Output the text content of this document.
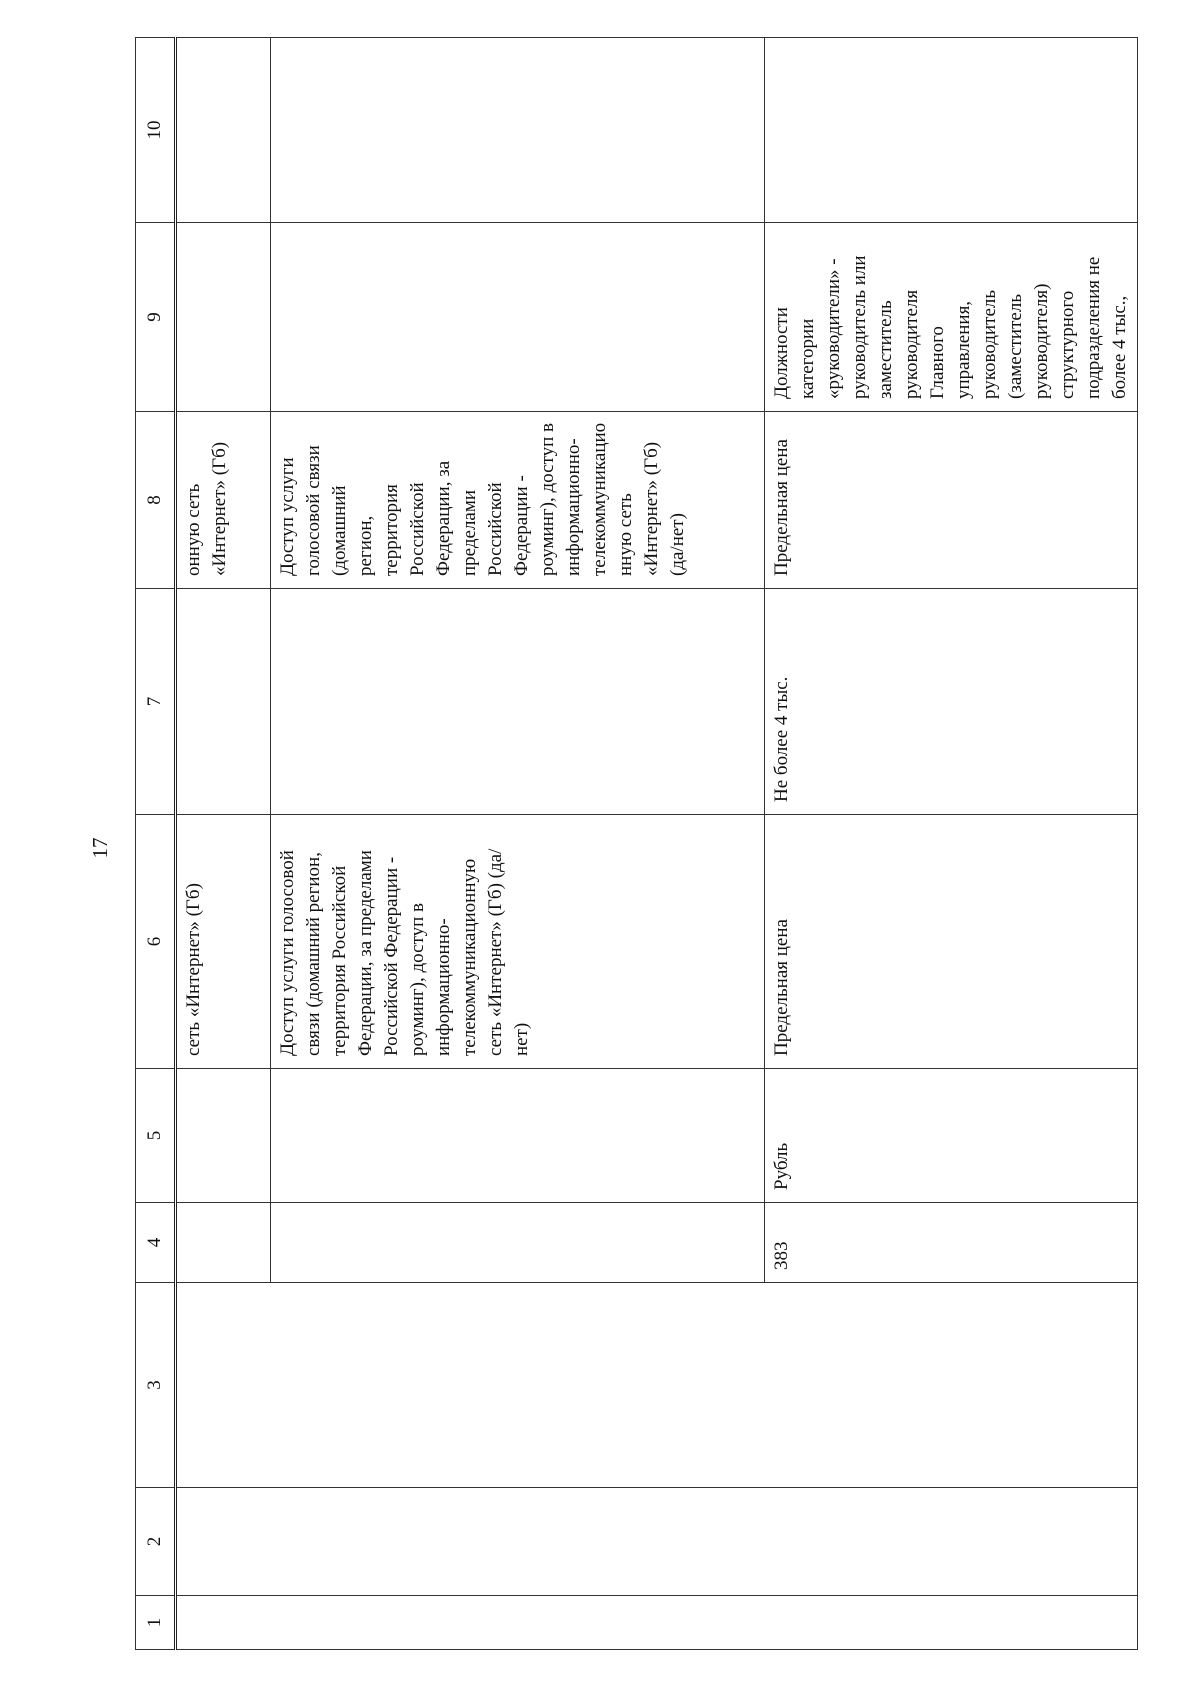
17
1	2	3	4	5	6	7	8	9	10
					сеть «Интернет» (Гб)		онную сеть «Интернет» (Гб)		
					Доступ услуги голосовой связи (домашний регион, территория Российской Федерации, за пределами Российской Федерации - роуминг), доступ в информационно-телекоммуникационную сеть «Интернет» (Гб) (да/нет)		Доступ услуги голосовой связи (домашний регион, территория Российской Федерации, за пределами Российской Федерации - роуминг), доступ в информационно-телекоммуникационную сеть «Интернет» (Гб) (да/нет)		
			383	Рубль	Предельная цена	Не более 4 тыс.	Предельная цена	Должности категории «руководители» - руководитель или заместитель руководителя Главного управления, руководитель (заместитель руководителя) структурного подразделения не более 4 тыс.,	
